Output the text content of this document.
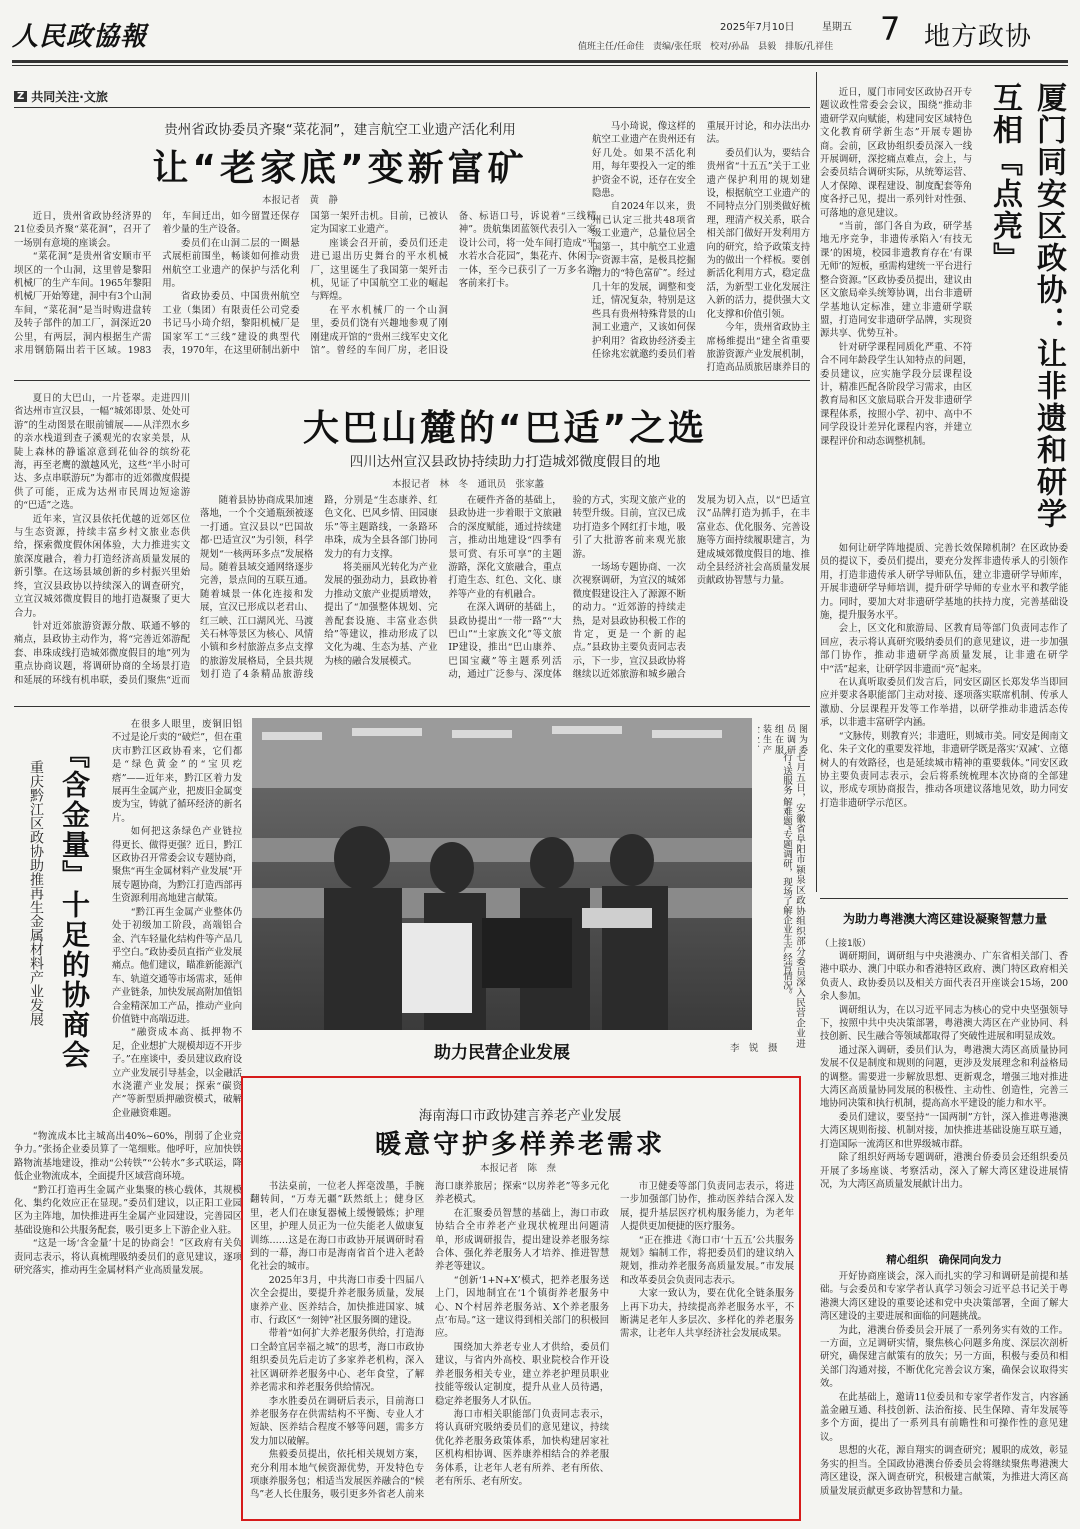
人民政協報	2025年7月10日	星期五
值班主任/任命佳　责编/张任珉　校对/孙晶　县毅　排版/孔祥佳 7 地方政协
Z 共同关注·文旅
贵州省政协委员齐聚“菜花洞”，建言航空工业遗产活化利用
让“老家底”变新富矿
本报记者　黄　静

近日，贵州省政协经济界的21位委员齐聚“菜花洞”，召开了一场别有意境的座谈会。

“菜花洞”是贵州省安顺市平坝区的一个山洞，这里曾是黎阳机械厂的生产车间。1965年黎阳机械厂开始筹建，洞中有3个山洞车间，“菜花洞”是当时购进盘转及转子部件的加工厂，洞深近20公里，有两层，洞内根据生产需求用钢筋隔出若干区域。1983年，车间迁出，如今留置还保存着少量的生产设备。

委员们在山洞二层的一圈悬式展柜前围坐，畅谈如何推动贵州航空工业遗产的保护与活化利用。

省政协委员、中国贵州航空工业（集团）有限责任公司党委书记马小琦介绍，黎阳机械厂是国家军工“三线”建设的典型代表，1970年，在这里研制出新中国第一架歼击机。目前，已被认定为国家工业遗产。

座谈会召开前，委员们还走进已退出历史舞台的平水机械厂，这里诞生了我国第一架歼击机，见证了中国航空工业的崛起与辉煌。

在平水机械厂的一个山洞里，委员们饶有兴趣地参观了刚刚建成开馆的“贵州三线军史文化馆”。曾经的车间厂房，老旧设备、标语口号，诉说着“三线精神”。贵航集团蓝领代表引入一家设计公司，将一处车间打造成“平水若水合花园”，集花卉、休闲于一体，至今已获引了一万多名游客前来打卡。

马小琦说，像这样的航空工业遗产在贵州还有好几处。如果不活化利用，每年要投入一定的维护资金不说，还存在安全隐患。

自2024年以来，贵州已认定三批共48项省级工业遗产，总量位居全国第一，其中航空工业遗产资源丰富，是极具挖掘潜力的“特色富矿”。经过几十年的发展，调整和变迁，情况复杂，特别是这些具有贵州特殊背景的山洞工业遗产，又该如何保护利用？省政协经济委主任徐兆宏就邀约委员们着重展开讨论，和办法出办法。

委员们认为，要结合贵州省“十五五”关于工业遗产保护利用的规划建设，根据航空工业遗产的不同特点分门别类做好梳理，理清产权关系，联合相关部门做好开发利用方向的研究，给予政策支持为的做出一个样板。要创新活化利用方式，稳定盘活，为新型工业化发展注入新的活力，提供强大文化支撑和价值引领。

今年，贵州省政协主席杨维提出“建全省重要旅游资源产业发展机制，打造高品质旅居康养目的

夏日的大巴山，一片苍翠。走进四川省达州市宣汉县，一幅“城郊即景、处处可游”的生动图景在眼前铺展——从洋烈水乡的亲水栈道到查子溪观光的农家美景，从陡上森林的静谧凉意到花仙谷的缤纷花海，再至老鹰的激越风光，这些“半小时可达、多点串联游玩”为都市的近郊微度假提供了可能，正成为达州市民周边短途游的“巴适”之选。

近年来，宣汉县依托优越的近郊区位与生态资源，持续丰富乡村文旅业态供给，探索微度假休闲体验，大力推进实文旅深度融合，着力打造经济高质量发展的新引擎。在这场县域创新的乡村振兴里始终，宣汉县政协以持续深入的调查研究，立宣汉城郊微度假目的地打造凝聚了更大合力。

针对近郊旅游资源分散、联通不够的痛点，县政协主动作为，将“完善近郊游配套、串珠成线打造城郊微度假目的地”列为重点协商议题，将调研协商的全场景打造和延展的环线有机串联，委员们聚焦“近而

大巴山麓的“巴适”之选
四川达州宣汉县政协持续助力打造城郊微度假目的地
本报记者　林　冬　通讯员　张家蠡

随着县协协商成果加速落地，一个个交通瓶颈被逐一打通。宣汉县以“巴国故都·巴适宣汉”为引领，科学规划“一核两环多点”发展格局。随着县域交通网络逐步完善，景点间的互联互通。随着城景一体化连接和发展，宣汉已形成以老君山、红三峡、江口湖风光、马渡关石林等景区为核心、风情小镇和乡村旅游点多点支撑的旅游发展格局，全县共规划打造了4条精品旅游线路，分别是“生态康养、红色文化、巴风乡情、田园康乐”等主题路线，一条路环串珠，成为全县各部门协同发力的有力支撑。

将美丽风光转化为产业发展的强劲动力，县政协着力推动文旅产业提质增效，提出了“加强整体规划、完善配套设施、丰富业态供给”等建议，推动形成了以文化为魂、生态为基、产业为核的融合发展模式。

在硬件齐备的基础上，县政协进一步着眼于文旅融合的深度赋能，通过持续建言，推动出地建设“四季有景可赏、有乐可享”的主题游路，深化文旅融合，重点打造生态、红色、文化、康养等产业的有机融合。

在深入调研的基础上，县政协提出“一带一路”“大巴山”“土家族文化”等文旅IP建设，推出“巴山康养、巴国宝藏”等主题系列活动，通过广泛参与、深度体验的方式，实现文旅产业的转型升级。目前，宣汉已成功打造多个网红打卡地，吸引了大批游客前来观光旅游。

一场场专题协商、一次次视察调研，为宣汉的城郊微度假建设注入了源源不断的动力。“近郊游的持续走热，是对县政协积极工作的肯定，更是一个新的起点。”县政协主要负责同志表示，下一步，宣汉县政协将继续以近郊旅游和城乡融合发展为切入点，以“巴适宣汉”品牌打造为抓手，在丰富业态、优化服务、完善设施等方面持续履职建言，为建成城郊微度假目的地、推动全县经济社会高质量发展贡献政协智慧与力量。

厦门同安区政协：让非遗和研学互相『点亮』

近日，厦门市同安区政协召开专题议政性常委会会议，围绕“推动非遗研学双向赋能，构建同安区域特色文化教育研学新生态”开展专题协商。会前，区政协组织委员深入一线开展调研，深挖痛点难点，会上，与会委员结合调研实际，从统筹运营、人才保障、课程建设、制度配套等角度各抒己见，提出一系列针对性强、可落地的意见建议。

“当前，部门各自为政，研学基地无序竞争，非遗传承陷入‘有技无课’的困境，校园非遗教育存在‘有课无师’的短板，亟需构建统一平台进行整合资源。”区政协委员提出，建议由区文旅局牵头统筹协调，出台非遗研学基地认定标准，建立非遗研学联盟，打造同安非遗研学品牌，实现资源共享、优势互补。

针对研学课程同质化严重、不符合不同年龄段学生认知特点的问题，委员建议，应实施学段分层课程设计，精准匹配各阶段学习需求，由区教育局和区文旅局联合开发非遗研学课程体系，按照小学、初中、高中不同学段设计差异化课程内容，并建立课程评价和动态调整机制。

如何让研学阵地提质、完善长效保障机制？在区政协委员的提议下，委员们提出，要充分发挥非遗传承人的引领作用，打造非遗传承人研学导师队伍，建立非遗研学导师库，开展非遗研学导师培训，提升研学导师的专业水平和教学能力。同时，要加大对非遗研学基地的扶持力度，完善基础设施，提升服务水平。

会上，区文化和旅游局、区教育局等部门负责同志作了回应，表示将认真研究吸纳委员们的意见建议，进一步加强部门协作，推动非遗研学高质量发展，让非遗在研学中“活”起来，让研学因非遗而“亮”起来。

在认真听取委员们发言后，同安区副区长郑发华当即回应并要求各职能部门主动对接、逐项落实联席机制、传承人激励、分层课程开发等工作举措，以研学推动非遗活态传承，以非遗丰富研学内涵。

“文脉传，则教育兴；非遗旺，则城市美。同安是闽南文化、朱子文化的重要发祥地，非遗研学既是落实‘双减’、立德树人的有效路径，也是延续城市精神的重要载体。”同安区政协主要负责同志表示，会后将系统梳理本次协商的全部建议，形成专项协商报告，推动各项建议落地见效，助力同安打造非遗研学示范区。

『含金量』十足的协商会
重庆黔江区政协助推再生金属材料产业发展

在很多人眼里，废铜旧铝不过是论斤卖的“破烂”，但在重庆市黔江区政协看来，它们都是“绿色黄金”的“宝贝疙瘩”——近年来，黔江区着力发展再生金属产业，把废旧金属变废为宝，铸就了循环经济的新名片。

如何把这条绿色产业链拉得更长、做得更强？近日，黔江区政协召开常委会议专题协商，聚焦“再生金属材料产业发展”开展专题协商，为黔江打造西部再生资源利用高地建言献策。

“黔江再生金属产业整体仍处于初级加工阶段，高端铝合金、汽车轻量化结构件等产品几乎空白。”政协委员直指产业发展痛点。他们建议，瞄准新能源汽车、轨道交通等市场需求，延伸产业链条，加快发展高附加值铝合金精深加工产品，推动产业向价值链中高端迈进。

“融资成本高、抵押物不足，企业想扩大规模却迈不开步子。”在座谈中，委员建议政府设立产业发展引导基金，以金融活水浇灌产业发展；探索“碳资产”等新型质押融资模式，破解企业融资难题。

“物流成本比主城高出40%~60%，削弱了企业竞争力。”张扬企业委员算了一笔细账。他呼吁，应加快铁路物流基地建设，推动“公转铁”“公转水”多式联运，降低企业物流成本，全面提升区域营商环境。

“黔江打造再生金属产业集聚的核心载体，其规模化、集约化效应正在显现。”委员们建议，以正阳工业园区为主阵地，加快推进再生金属产业园建设，完善园区基础设施和公共服务配套，吸引更多上下游企业入驻。

“这是一场‘含金量’十足的协商会！”区政府有关负责同志表示，将认真梳理吸纳委员们的意见建议，逐项研究落实，推动再生金属材料产业高质量发展。

七月五日，安徽省阜阳市颍泉区政协组织部分委员深入民营企业进行“送服务 解难题”专题调研，现场了解企业生产经营情况。
图为委员调研组在服装生产
助力民营企业发展	李　锐　摄
海南海口市政协建言养老产业发展
暖意守护多样养老需求
本报记者　陈　焘

书法桌前，一位老人挥毫泼墨，手腕翻转间，“万寿无疆”跃然纸上；健身区里，老人们在康复器械上缓慢锻炼；护理区里，护理人员正为一位失能老人做康复训练……这是在海口市政协开展调研时看到的一幕，海口市是海南省首个进入老龄化社会的城市。

2025年3月，中共海口市委十四届八次全会提出，要提升养老服务质量，发展康养产业、医养结合，加快推进国家、城市、行政区“一刻钟”社区服务圈的建设。

带着“如何扩大养老服务供给，打造海口全龄宜居幸福之城”的思考，海口市政协组织委员先后走访了多家养老机构，深入社区调研养老服务中心、老年食堂，了解养老需求和养老服务供给情况。

李水胜委员在调研后表示，目前海口养老服务存在供需结构不平衡、专业人才短缺、医养结合程度不够等问题，需多方发力加以破解。

焦毅委员提出，依托相关规划方案，充分利用本地气候资源优势，开发特色专项康养服务包；相适当发展医养融合的“候鸟”老人长住服务，吸引更多外省老人前来海口康养旅居；探索“以房养老”等多元化养老模式。

在汇聚委员智慧的基础上，海口市政协结合全市养老产业现状梳理出问题清单，形成调研报告，提出建设养老服务综合体、强化养老服务人才培养、推进智慧养老等建议。

“创新‘1+N+X’模式，把养老服务送上门，因地制宜在‘1个镇街养老服务中心、N个村居养老服务站、X个养老服务点’布局。”这一建议得到相关部门的积极回应。

围绕加大养老专业人才供给，委员们建议，与省内外高校、职业院校合作开设养老服务相关专业，建立养老护理员职业技能等级认定制度，提升从业人员待遇，稳定养老服务人才队伍。

海口市相关职能部门负责同志表示，将认真研究吸纳委员们的意见建议，持续优化养老服务政策体系，加快构建居家社区机构相协调、医养康养相结合的养老服务体系，让老年人老有所养、老有所依、老有所乐、老有所安。

市卫健委等部门负责同志表示，将进一步加强部门协作，推动医养结合深入发展，提升基层医疗机构服务能力，为老年人提供更加便捷的医疗服务。

“正在推进《海口市‘十五五’公共服务规划》编制工作，将把委员们的建议纳入规划，推动养老服务高质量发展。”市发展和改革委员会负责同志表示。

大家一致认为，要在优化全链条服务上再下功夫，持续提高养老服务水平，不断满足老年人多层次、多样化的养老服务需求，让老年人共享经济社会发展成果。

为助力粤港澳大湾区建设凝聚智慧力量
（上接1版）

调研期间，调研组与中央港澳办、广东省相关部门、香港中联办、澳门中联办和香港特区政府、澳门特区政府相关负责人、政协委员以及相关方面代表召开座谈会15场，200余人参加。

调研组认为，在以习近平同志为核心的党中央坚强领导下，按照中共中央决策部署，粤港澳大湾区在产业协同、科技创新、民生融合等领域都取得了突破性进展和明显成效。

通过深入调研，委员们认为，粤港澳大湾区高质量协同发展不仅是制度和规则的问题，更涉及发展理念和利益格局的调整。需要进一步解放思想、更新观念，增强三地对推进大湾区高质量协同发展的积极性、主动性、创造性，完善三地协同决策和执行机制，提高高水平建设的能力和水平。

委员们建议，要坚持“一国两制”方针，深入推进粤港澳大湾区规则衔接、机制对接，加快推进基础设施互联互通，打造国际一流湾区和世界级城市群。

除了组织好两场专题调研，港澳台侨委员会还组织委员开展了多场座谈、考察活动，深入了解大湾区建设进展情况，为大湾区高质量发展献计出力。

精心组织　确保同向发力

开好协商座谈会，深入而扎实的学习和调研是前提和基础。与会委员和专家学者认真学习领会习近平总书记关于粤港澳大湾区建设的重要论述和党中央决策部署，全面了解大湾区建设的主要进展和面临的问题挑战。

为此，港澳台侨委员会开展了一系列务实有效的工作。一方面，立足调研实情，聚焦核心问题多角度、深层次剖析研究，确保建言献策有的放矢；另一方面，积极与委员和相关部门沟通对接，不断优化完善会议方案，确保会议取得实效。

在此基础上，邀请11位委员和专家学者作发言，内容涵盖金融互通、科技创新、法治衔接、民生保障、青年发展等多个方面，提出了一系列具有前瞻性和可操作性的意见建议。

思想的火花，源自翔实的调查研究；履职的成效，彰显务实的担当。全国政协港澳台侨委员会将继续聚焦粤港澳大湾区建设，深入调查研究，积极建言献策，为推进大湾区高质量发展贡献更多政协智慧和力量。
